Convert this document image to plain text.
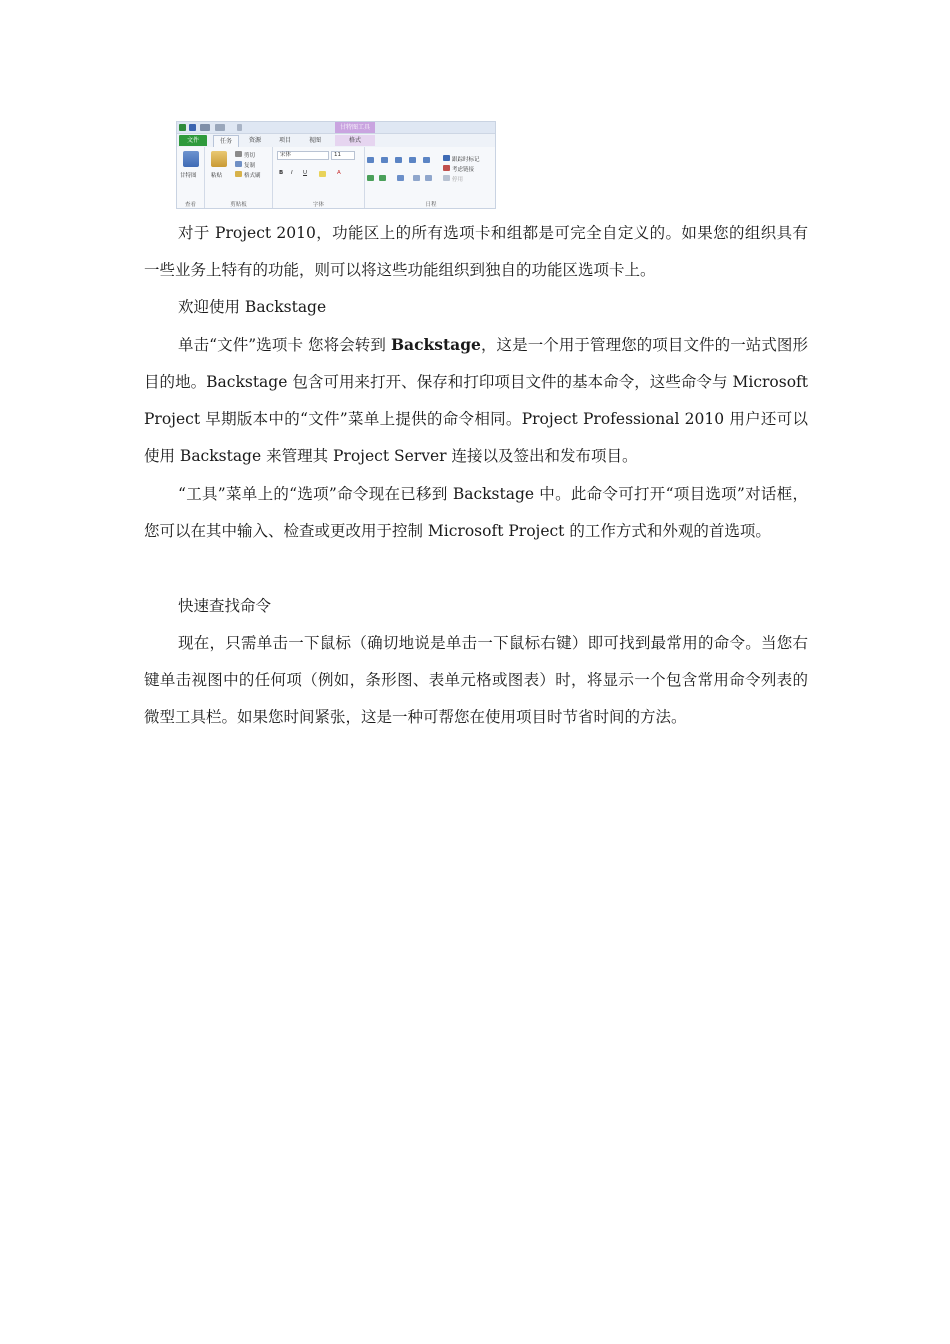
甘特图工具
文件	任务	资源	项目	视图	格式
甘特图
查看
粘贴
剪切
复制
格式刷
剪贴板
宋体	11
B I U	A
字体
跟踪时标记
考虑链接
停用
日程

对于 Project 2010，功能区上的所有选项卡和组都是可完全自定义的。如果您的组织具有一些业务上特有的功能，则可以将这些功能组织到独自的功能区选项卡上。

欢迎使用 Backstage

单击“文件”选项卡 您将会转到 Backstage，这是一个用于管理您的项目文件的一站式图形目的地。Backstage 包含可用来打开、保存和打印项目文件的基本命令，这些命令与 Microsoft Project 早期版本中的“文件”菜单上提供的命令相同。Project Professional 2010 用户还可以使用 Backstage 来管理其 Project Server 连接以及签出和发布项目。

“工具”菜单上的“选项”命令现在已移到 Backstage 中。此命令可打开“项目选项”对话框，您可以在其中输入、检查或更改用于控制 Microsoft Project 的工作方式和外观的首选项。

快速查找命令

现在，只需单击一下鼠标（确切地说是单击一下鼠标右键）即可找到最常用的命令。当您右键单击视图中的任何项（例如，条形图、表单元格或图表）时，将显示一个包含常用命令列表的微型工具栏。如果您时间紧张，这是一种可帮您在使用项目时节省时间的方法。
